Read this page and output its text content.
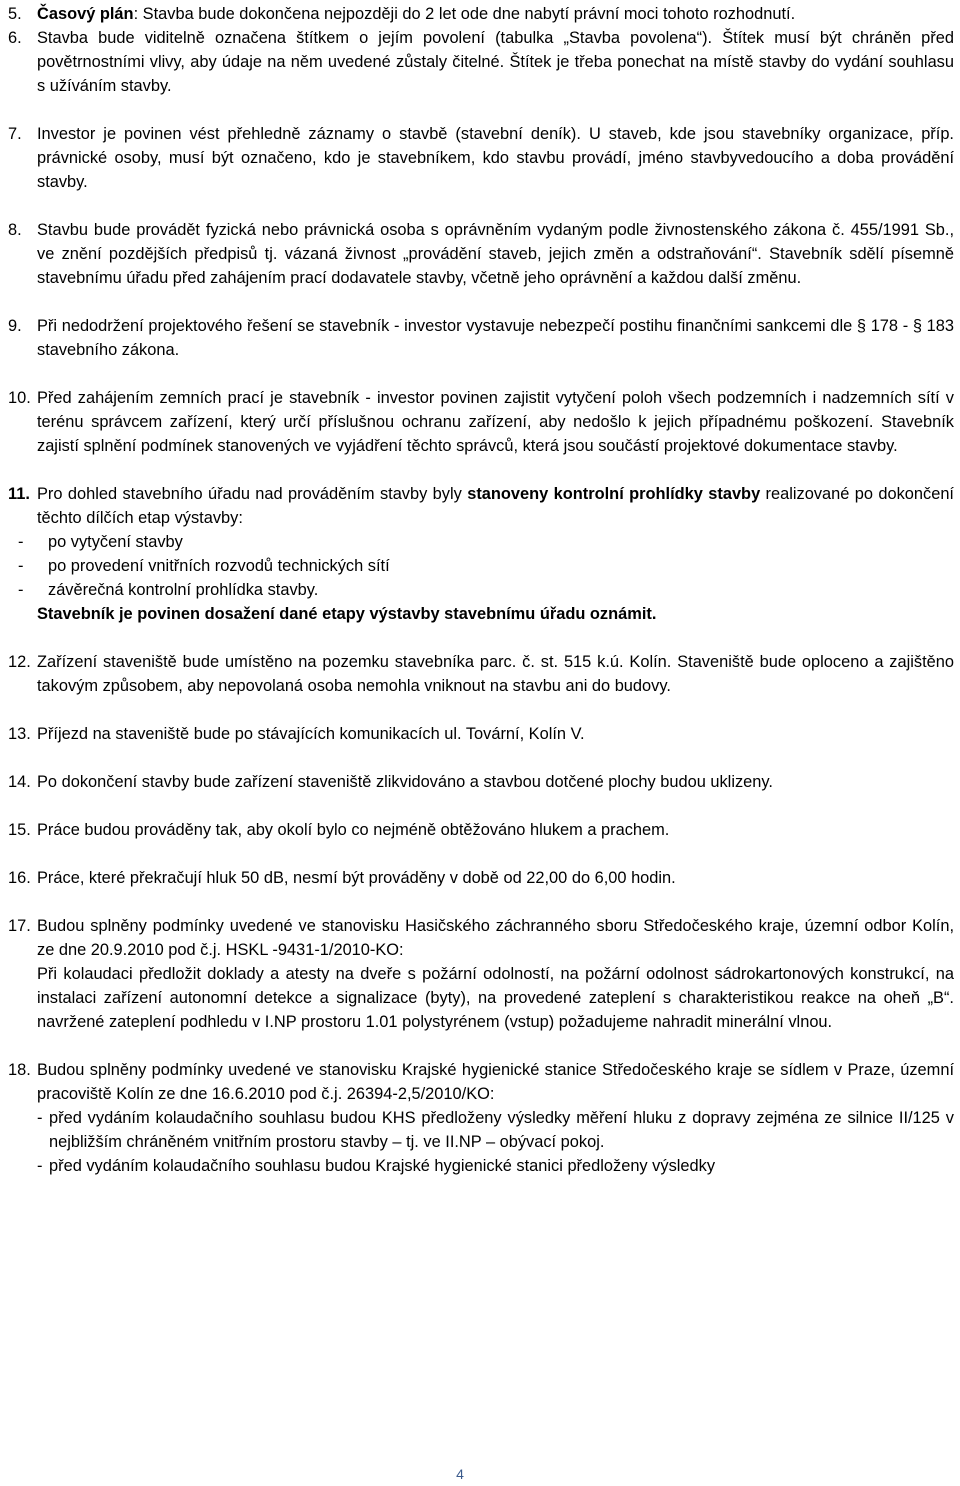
5. Časový plán: Stavba bude dokončena nejpozději do 2 let ode dne nabytí právní moci tohoto rozhodnutí.
6. Stavba bude viditelně označena štítkem o jejím povolení (tabulka „Stavba povolena“). Štítek musí být chráněn před povětrnostními vlivy, aby údaje na něm uvedené zůstaly čitelné. Štítek je třeba ponechat na místě stavby do vydání souhlasu s užíváním stavby.
7. Investor je povinen vést přehledně záznamy o stavbě (stavební deník). U staveb, kde jsou stavebníky organizace, příp. právnické osoby, musí být označeno, kdo je stavebníkem, kdo stavbu provádí, jméno stavbyvedoucího a doba provádění stavby.
8. Stavbu bude provádět fyzická nebo právnická osoba s oprávněním vydaným podle živnostenského zákona č. 455/1991 Sb., ve znění pozdějších předpisů tj. vázaná živnost „provádění staveb, jejich změn a odstraňování“. Stavebník sdělí písemně stavebnímu úřadu před zahájením prací dodavatele stavby, včetně jeho oprávnění a každou další změnu.
9. Při nedodržení projektového řešení se stavebník - investor vystavuje nebezpečí postihu finančními sankcemi dle § 178 - § 183 stavebního zákona.
10. Před zahájením zemních prací je stavebník - investor povinen zajistit vytyčení poloh všech podzemních i nadzemních sítí v terénu správcem zařízení, který určí příslušnou ochranu zařízení, aby nedošlo k jejich případnému poškození. Stavebník zajistí splnění podmínek stanovených ve vyjádření těchto správců, která jsou součástí projektové dokumentace stavby.
11. Pro dohled stavebního úřadu nad prováděním stavby byly stanoveny kontrolní prohlídky stavby realizované po dokončení těchto dílčích etap výstavby:
- po vytyčení stavby
- po provedení vnitřních rozvodů technických sítí
- závěrečná kontrolní prohlídka stavby.
Stavebník je povinen dosažení dané etapy výstavby stavebnímu úřadu oznámit.
12. Zařízení staveniště bude umístěno na pozemku stavebníka parc. č. st. 515 k.ú. Kolín. Staveniště bude oploceno a zajištěno takovým způsobem, aby nepovolaná osoba nemohla vniknout na stavbu ani do budovy.
13. Příjezd na staveniště bude po stávajících komunikacích ul. Tovární, Kolín V.
14. Po dokončení stavby bude zařízení staveniště zlikvidováno a stavbou dotčené plochy budou uklizeny.
15. Práce budou prováděny tak, aby okolí bylo co nejméně obtěžováno hlukem a prachem.
16. Práce, které překračují hluk 50 dB, nesmí být prováděny v době od 22,00 do 6,00 hodin.
17. Budou splněny podmínky uvedené ve stanovisku Hasičského záchranného sboru Středočeského kraje, územní odbor Kolín, ze dne 20.9.2010 pod č.j. HSKL -9431-1/2010-KO:
Při kolaudaci předložit doklady a atesty na dveře s požární odolností, na požární odolnost sádrokartonových konstrukcí, na instalaci zařízení autonomní detekce a signalizace (byty), na provedené zateplení s charakteristikou reakce na oheň „B“. navržené zateplení podhledu v I.NP prostoru 1.01 polystyrénem (vstup) požadujeme nahradit minerální vlnou.
18. Budou splněny podmínky uvedené ve stanovisku Krajské hygienické stanice Středočeského kraje se sídlem v Praze, územní pracoviště Kolín ze dne 16.6.2010 pod č.j. 26394-2,5/2010/KO:
- před vydáním kolaudačního souhlasu budou KHS předloženy výsledky měření hluku z dopravy zejména ze silnice II/125 v nejbližším chráněném vnitřním prostoru stavby – tj. ve II.NP – obývací pokoj.
- před vydáním kolaudačního souhlasu budou Krajské hygienické stanici předloženy výsledky
4
